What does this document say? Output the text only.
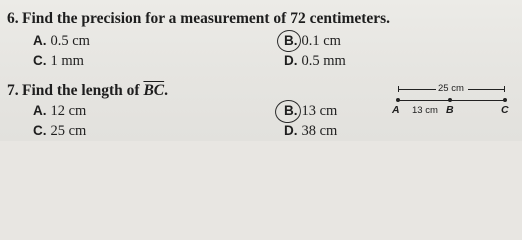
6. Find the precision for a measurement of 72 centimeters.
A. 0.5 cm	B. 0.1 cm
C. 1 mm	D. 0.5 mm
7. Find the length of $\overline{BC}$.
A. 12 cm	B. 13 cm
C. 25 cm	D. 38 cm
25 cm
A 13 cm B	C
